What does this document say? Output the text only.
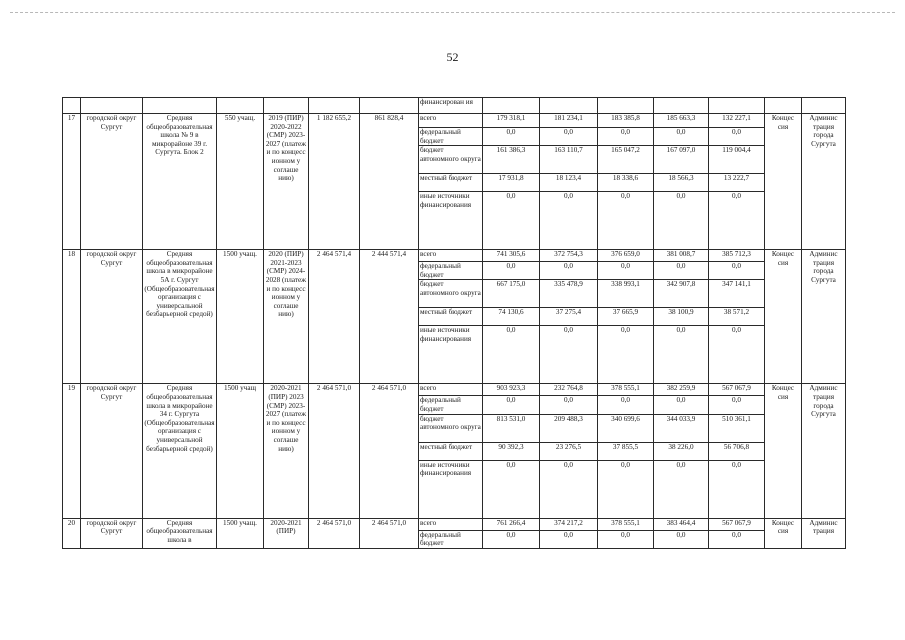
52
							финансирован ия							
17	городской округ Сургут	Средняя общеобразовательная школа № 9 в микрорайоне 39 г. Сургута. Блок 2	550 учащ.	2019 (ПИР) 2020-2022 (СМР) 2023-2027 (платеж и по концесс ионном у соглаше нию)	1 182 655,2	861 828,4	всего	179 318,1	181 234,1	183 385,8	185 663,3	132 227,1	Концес сия	Админис трация города Сургута
							федеральный бюджет	0,0	0,0	0,0	0,0	0,0		
							бюджет автономного округа	161 386,3	163 110,7	165 047,2	167 097,0	119 004,4		
							местный бюджет	17 931,8	18 123,4	18 338,6	18 566,3	13 222,7		
							иные источники финансирования	0,0	0,0	0,0	0,0	0,0		
18	городской округ Сургут	Средняя общеобразовательная школа в микрорайоне 5А г. Сургут (Общеобразовательная организация с универсальной безбарьерной средой)	1500 учащ.	2020 (ПИР) 2021-2023 (СМР) 2024-2028 (платеж и по концесс ионном у соглаше нию)	2 464 571,4	2 444 571,4	всего	741 305,6	372 754,3	376 659,0	381 008,7	385 712,3	Концес сия	Админис трация города Сургута
							федеральный бюджет	0,0	0,0	0,0	0,0	0,0		
							бюджет автономного округа	667 175,0	335 478,9	338 993,1	342 907,8	347 141,1		
							местный бюджет	74 130,6	37 275,4	37 665,9	38 100,9	38 571,2		
							иные источники финансирования	0,0	0,0	0,0	0,0	0,0		
19	городской округ Сургут	Средняя общеобразовательная школа в микрорайоне 34 г. Сургута (Общеобразовательная организация с универсальной безбарьерной средой)	1500 учащ	2020-2021 (ПИР) 2023 (СМР) 2023-2027 (платеж и по концесс ионном у соглаше нию)	2 464 571,0	2 464 571,0	всего	903 923,3	232 764,8	378 555,1	382 259,9	567 067,9	Концес сия	Админис трация города Сургута
							федеральный бюджет	0,0	0,0	0,0	0,0	0,0		
							бюджет автономного округа	813 531,0	209 488,3	340 699,6	344 033,9	510 361,1		
							местный бюджет	90 392,3	23 276,5	37 855,5	38 226,0	56 706,8		
							иные источники финансирования	0,0	0,0	0,0	0,0	0,0		
20	городской округ Сургут	Средняя общеобразовательная школа в	1500 учащ.	2020-2021 (ПИР)	2 464 571,0	2 464 571,0	всего	761 266,4	374 217,2	378 555,1	383 464,4	567 067,9	Концес сия	Админис трация
							федеральный бюджет	0,0	0,0	0,0	0,0	0,0		
